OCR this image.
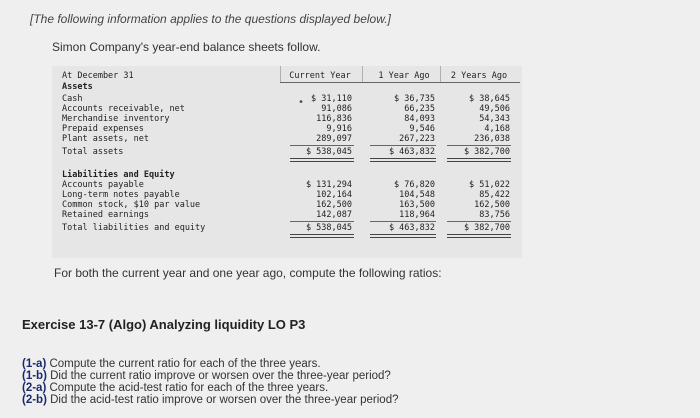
[The following information applies to the questions displayed below.]
Simon Company's year-end balance sheets follow.
At December 31	Current Year	1 Year Ago	2 Years Ago
Assets
•
Cash	$ 31,110	$ 36,735	$ 38,645
Accounts receivable, net	91,086	66,235	49,506
Merchandise inventory	116,836	84,093	54,343
Prepaid expenses	9,916	9,546	4,168
Plant assets, net	289,097	267,223	236,038
Total assets	$ 538,045	$ 463,832	$ 382,700
Liabilities and Equity
Accounts payable	$ 131,294	$ 76,820	$ 51,022
Long-term notes payable	102,164	104,548	85,422
Common stock, $10 par value	162,500	163,500	162,500
Retained earnings	142,087	118,964	83,756
Total liabilities and equity	$ 538,045	$ 463,832	$ 382,700
For both the current year and one year ago, compute the following ratios:
Exercise 13-7 (Algo) Analyzing liquidity LO P3
(1-a) Compute the current ratio for each of the three years.
(1-b) Did the current ratio improve or worsen over the three-year period?
(2-a) Compute the acid-test ratio for each of the three years.
(2-b) Did the acid-test ratio improve or worsen over the three-year period?
